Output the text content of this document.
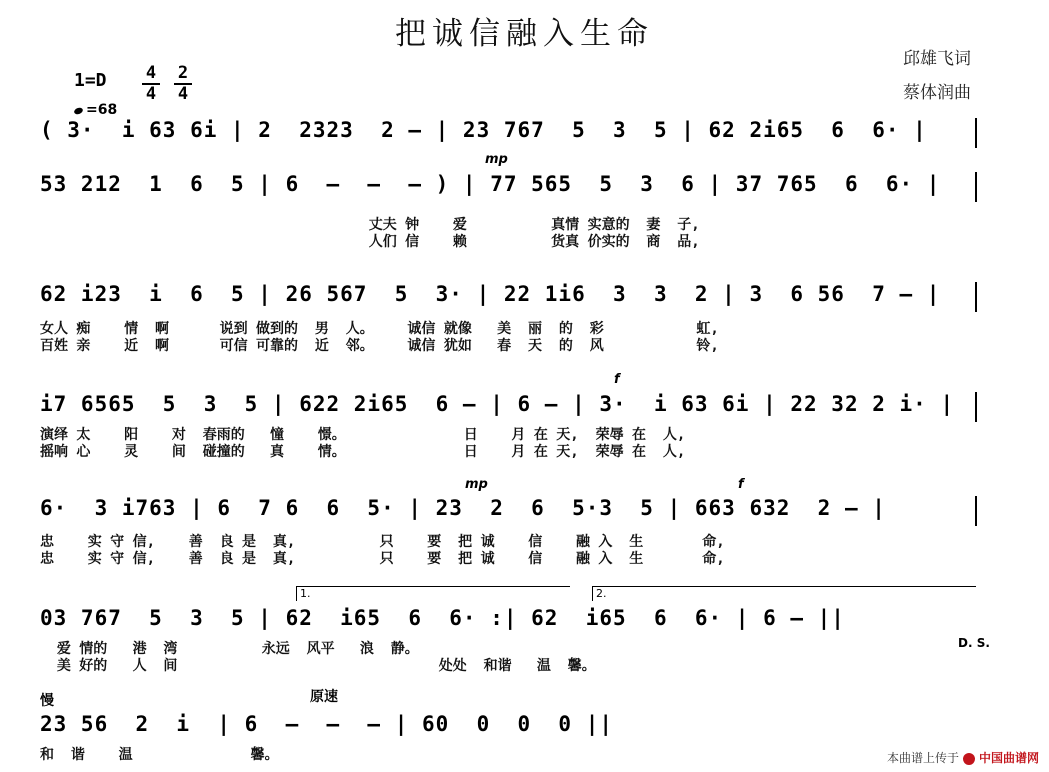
把诚信融入生命
邱雄飞词
蔡体润曲
1=D	4
4
2
4
=68
( 3·  i 63 6i | 2  2323  2 – | 23 767  5  3  5 | 62 2i65  6  6· |
53 212  1  6  5 | 6  –  –  – ) | 77 565  5  3  6 | 37 765  6  6· |
mp
丈夫 钟    爱          真情 实意的  妻  子,
人们 信    赖          货真 价实的  商  品,
62 i23  i  6  5 | 26 567  5  3· | 22 1i6  3  3  2 | 3  6 56  7 – |
女人 痴    情  啊      说到 做到的  男  人。    诚信 就像   美  丽  的  彩           虹,
百姓 亲    近  啊      可信 可靠的  近  邻。    诚信 犹如   春  天  的  风           铃,
i7 6565  5  3  5 | 622 2i65  6 – | 6 – | 3·  i 63 6i | 22 32 2 i· |
f
演绎 太    阳    对  春雨的   憧    憬。              日    月 在 天,  荣辱 在  人,
摇响 心    灵    间  碰撞的   真    情。              日    月 在 天,  荣辱 在  人,
6·  3 i763 | 6  7 6  6  5· | 23  2  6  5·3  5 | 663 632  2 – |
mp	f
忠    实 守 信,    善  良 是  真,          只    要  把 诚    信    融 入  生       命,
忠    实 守 信,    善  良 是  真,          只    要  把 诚    信    融 入  生       命,
1.	2.
03 767  5  3  5 | 62  i65  6  6· :| 62  i65  6  6· | 6 – ||
爱 情的   港  湾          永远  风平   浪  静。
美 好的   人  间                               处处  和谐   温  馨。
D. S.
慢	原速
23 56  2  i  | 6  –  –  – | 60  0  0  0 ||
和  谐    温              馨。	本曲谱上传于 中国曲谱网
